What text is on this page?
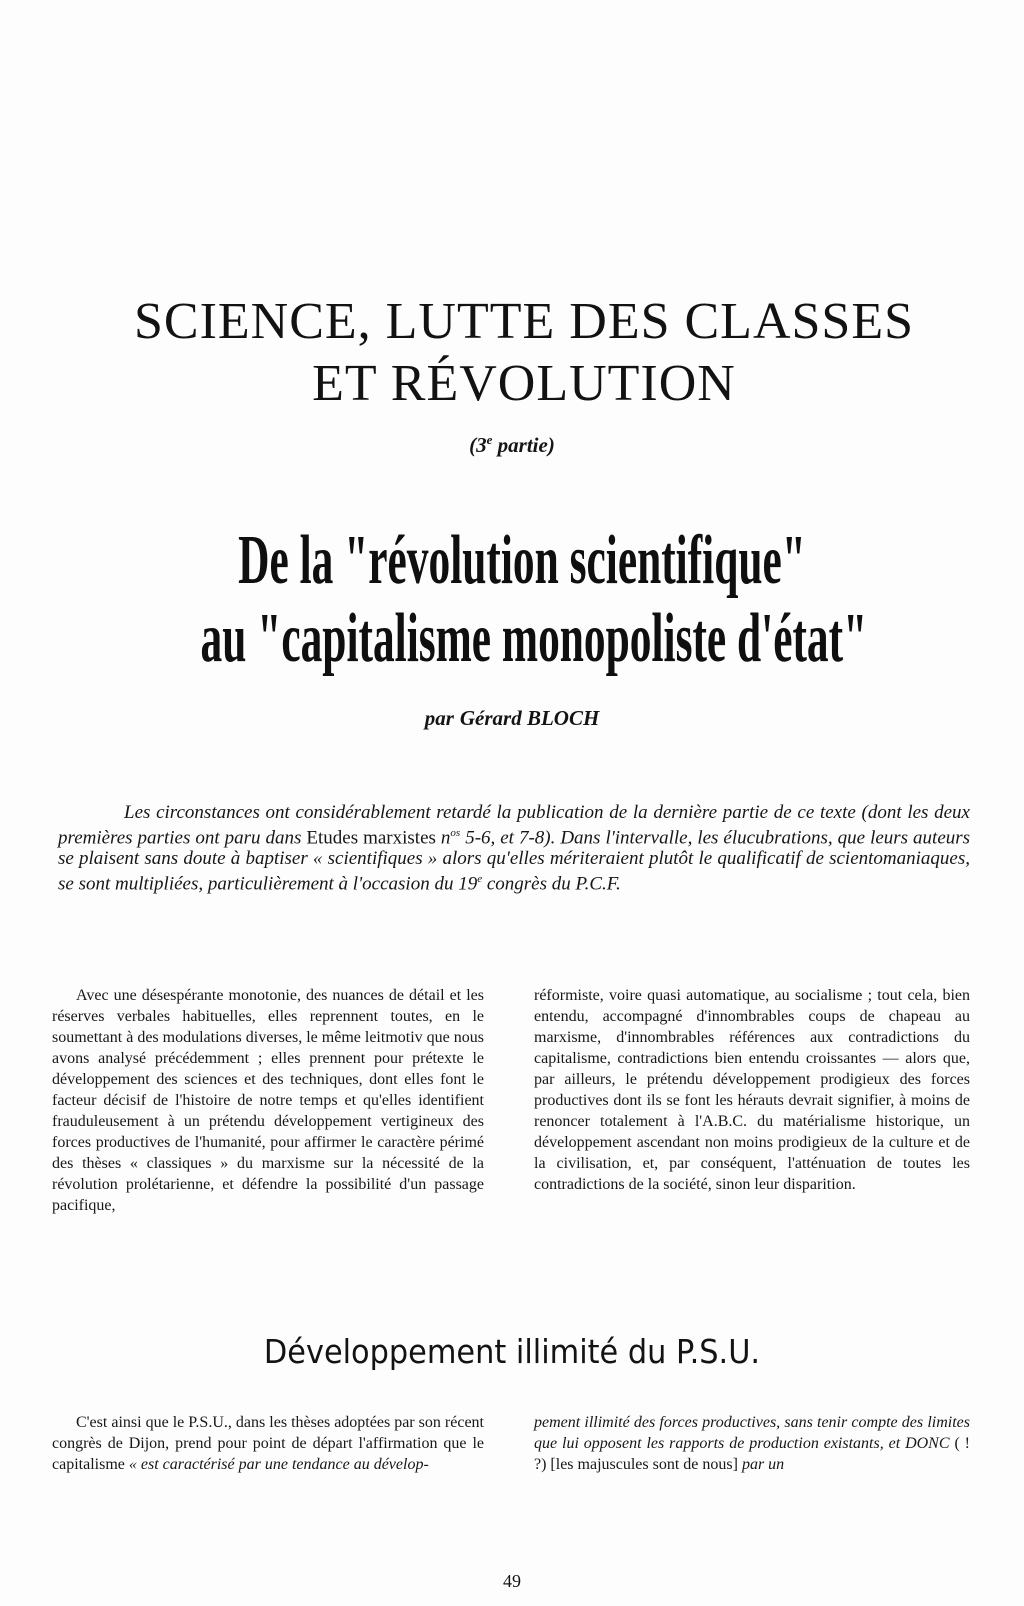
SCIENCE, LUTTE DES CLASSES
ET RÉVOLUTION
(3e partie)
De la "révolution scientifique"
au "capitalisme monopoliste d'état"
par Gérard BLOCH

Les circonstances ont considérablement retardé la publication de la dernière partie de ce texte (dont les deux premières parties ont paru dans Etudes marxistes $n^{os}$ 5-6, et 7-8). Dans l'intervalle, les élucubrations, que leurs auteurs se plaisent sans doute à baptiser « scientifiques » alors qu'elles mériteraient plutôt le qualificatif de scientomaniaques, se sont multipliées, particulièrement à l'occasion du 19e congrès du P.C.F.

Avec une désespérante monotonie, des nuances de détail et les réserves verbales habituelles, elles reprennent toutes, en le soumettant à des modulations diverses, le même leitmotiv que nous avons analysé précédemment ; elles prennent pour prétexte le développement des sciences et des techniques, dont elles font le facteur décisif de l'histoire de notre temps et qu'elles identifient frauduleusement à un prétendu développement vertigineux des forces productives de l'humanité, pour affirmer le caractère périmé des thèses « classiques » du marxisme sur la nécessité de la révolution prolétarienne, et défendre la possibilité d'un passage pacifique,

réformiste, voire quasi automatique, au socialisme ; tout cela, bien entendu, accompagné d'innombrables coups de chapeau au marxisme, d'innombrables références aux contradictions du capitalisme, contradictions bien entendu croissantes — alors que, par ailleurs, le prétendu développement prodigieux des forces productives dont ils se font les hérauts devrait signifier, à moins de renoncer totalement à l'A.B.C. du matérialisme historique, un développement ascendant non moins prodigieux de la culture et de la civilisation, et, par conséquent, l'atténuation de toutes les contradictions de la société, sinon leur disparition.

Développement illimité du P.S.U.

C'est ainsi que le P.S.U., dans les thèses adoptées par son récent congrès de Dijon, prend pour point de départ l'affirmation que le capitalisme « est caractérisé par une tendance au dévelop-

pement illimité des forces productives, sans tenir compte des limites que lui opposent les rapports de production existants, et DONC ( ! ?) [les majuscules sont de nous] par un

49
